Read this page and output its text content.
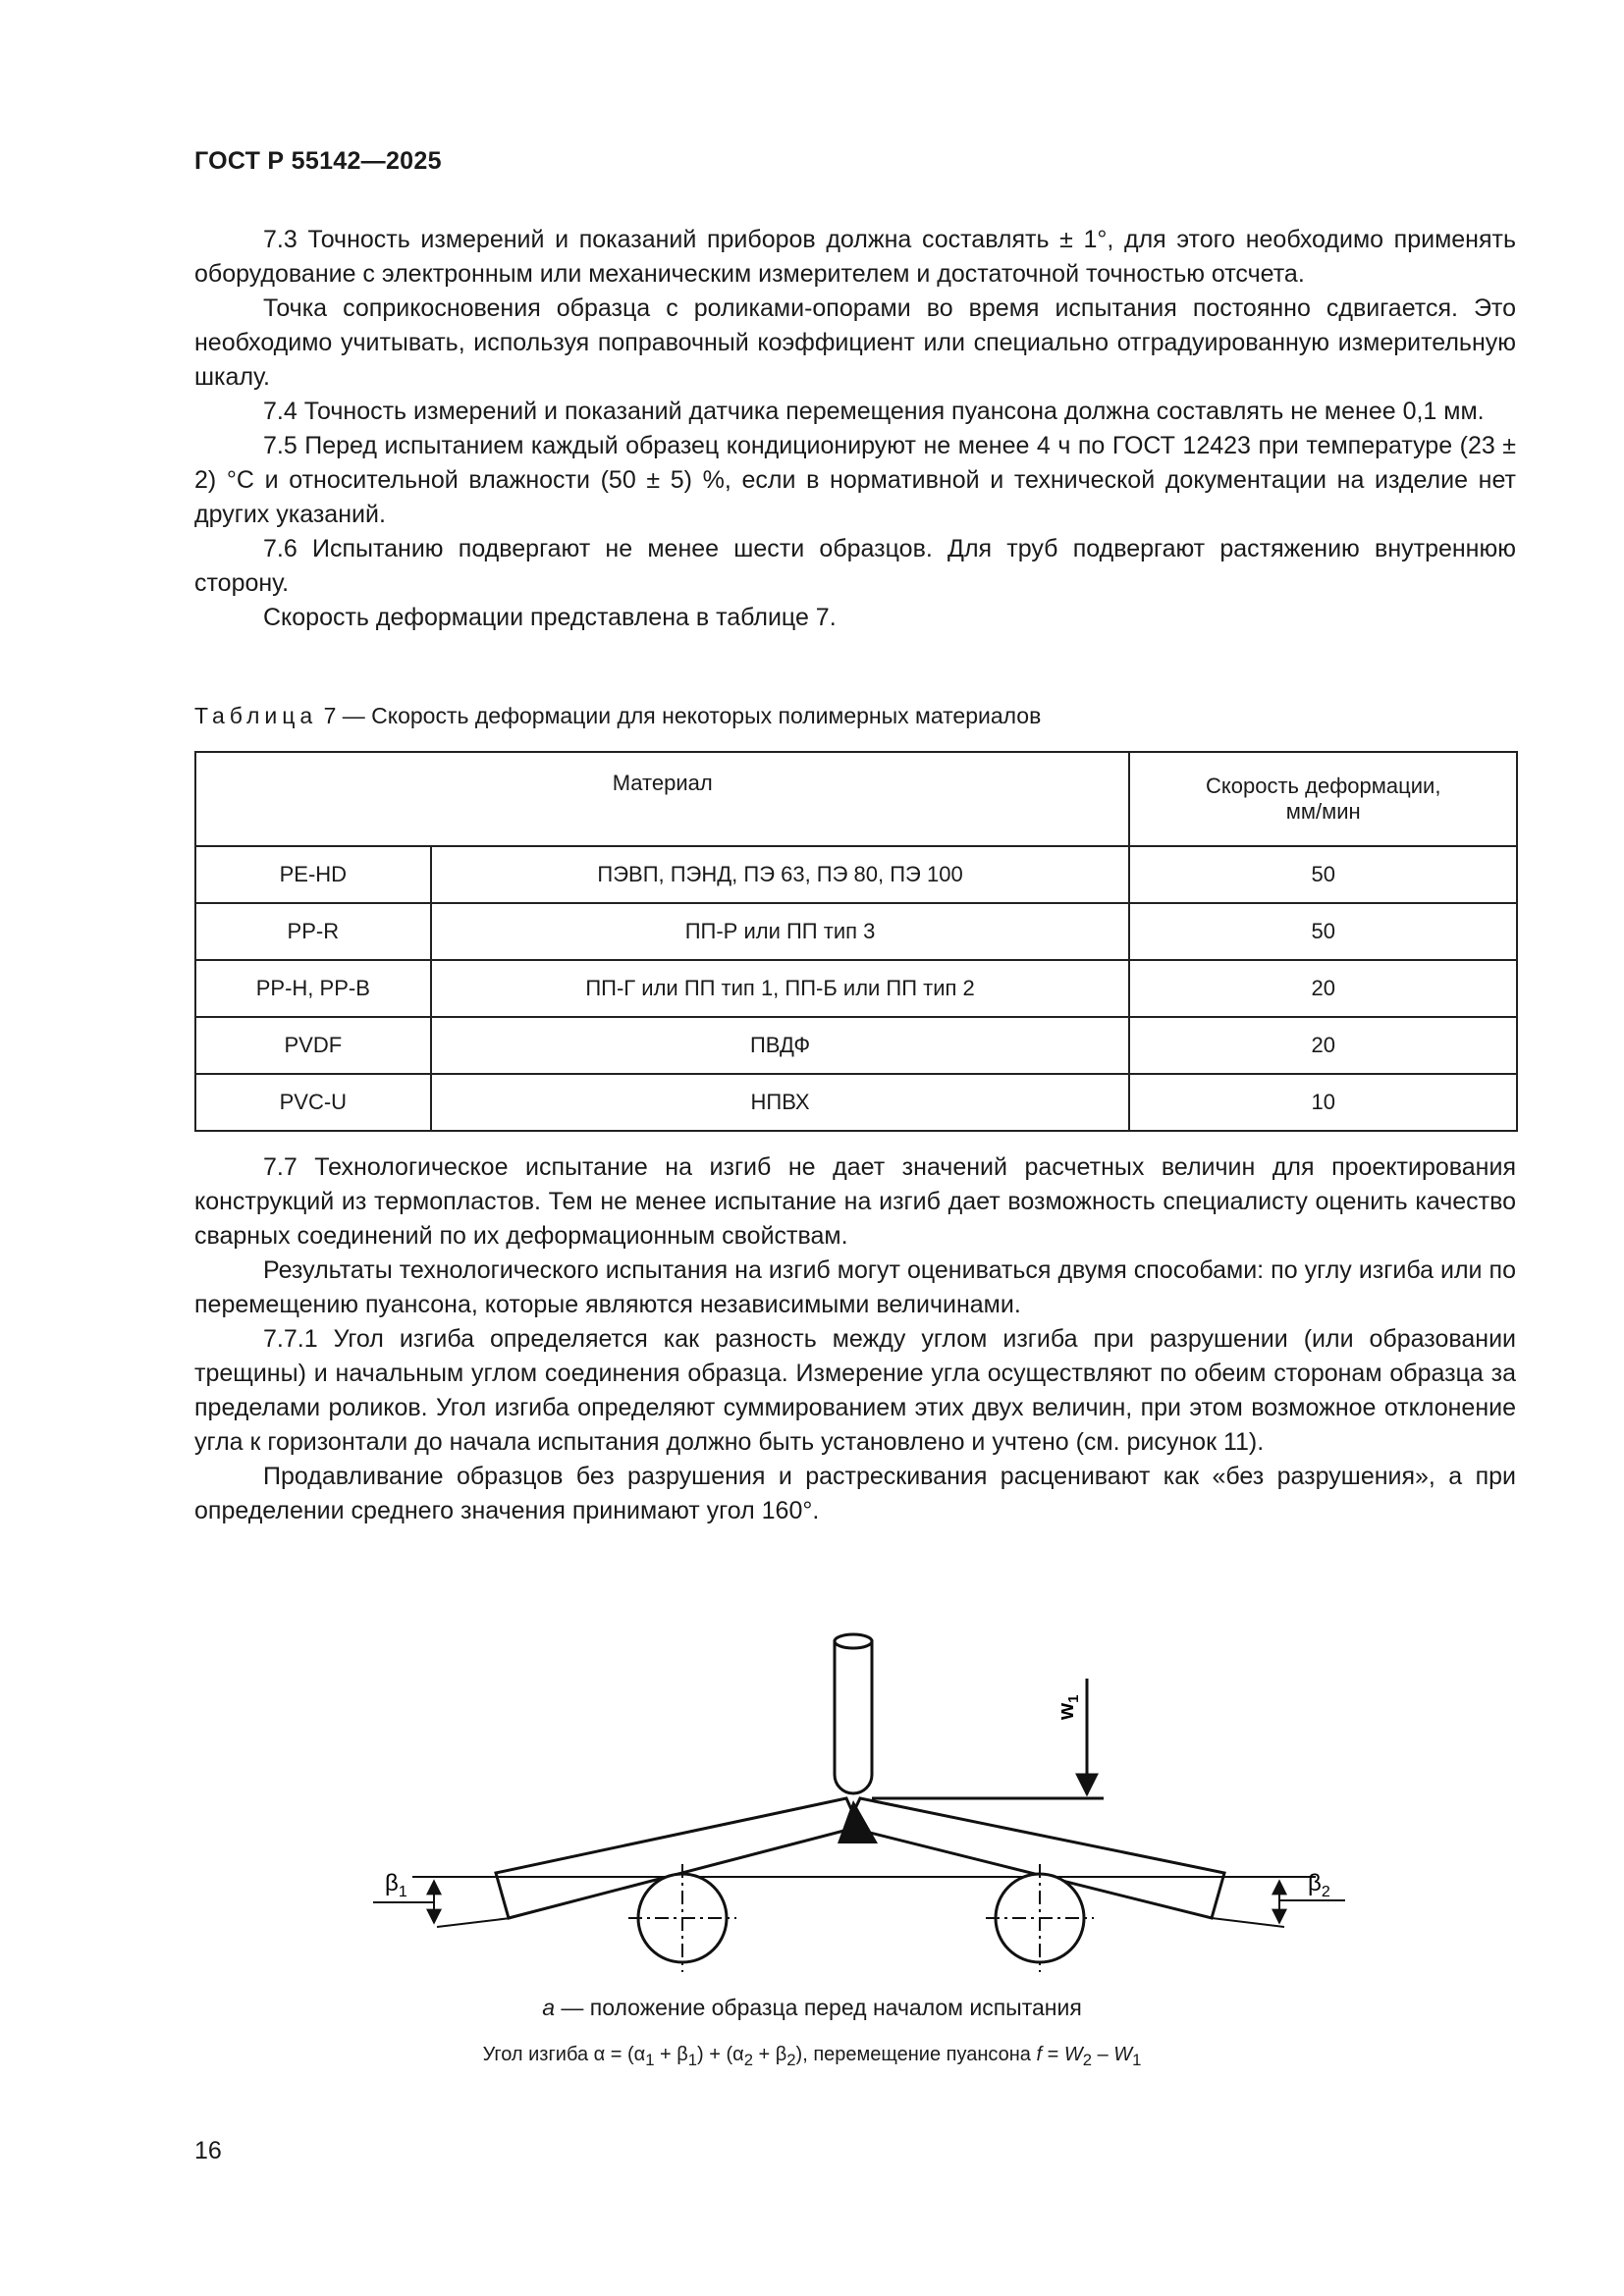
ГОСТ Р 55142—2025

7.3 Точность измерений и показаний приборов должна составлять ± 1°, для этого необходимо применять оборудование с электронным или механическим измерителем и достаточной точностью отсчета.

Точка соприкосновения образца с роликами-опорами во время испытания постоянно сдвигается. Это необходимо учитывать, используя поправочный коэффициент или специально отградуированную измерительную шкалу.

7.4 Точность измерений и показаний датчика перемещения пуансона должна составлять не менее 0,1 мм.

7.5 Перед испытанием каждый образец кондиционируют не менее 4 ч по ГОСТ 12423 при температуре (23 ± 2) °С и относительной влажности (50 ± 5) %, если в нормативной и технической документации на изделие нет других указаний.

7.6 Испытанию подвергают не менее шести образцов. Для труб подвергают растяжению внутреннюю сторону.

Скорость деформации представлена в таблице 7.

Таблица 7 — Скорость деформации для некоторых полимерных материалов
Материал		Скорость деформации,
мм/мин

PE-HD	ПЭВП, ПЭНД, ПЭ 63, ПЭ 80, ПЭ 100	50
PP-R	ПП-Р или ПП тип 3	50
PP-H, PP-B	ПП-Г или ПП тип 1, ПП-Б или ПП тип 2	20
PVDF	ПВДФ	20
PVC-U	НПВХ	10

7.7 Технологическое испытание на изгиб не дает значений расчетных величин для проектирования конструкций из термопластов. Тем не менее испытание на изгиб дает возможность специалисту оценить качество сварных соединений по их деформационным свойствам.

Результаты технологического испытания на изгиб могут оцениваться двумя способами: по углу изгиба или по перемещению пуансона, которые являются независимыми величинами.

7.7.1 Угол изгиба определяется как разность между углом изгиба при разрушении (или образовании трещины) и начальным углом соединения образца. Измерение угла осуществляют по обеим сторонам образца за пределами роликов. Угол изгиба определяют суммированием этих двух величин, при этом возможное отклонение угла к горизонтали до начала испытания должно быть установлено и учтено (см. рисунок 11).

Продавливание образцов без разрушения и растрескивания расценивают как «без разрушения», а при определении среднего значения принимают угол 160°.

$w_1$
$\beta_1$	$\beta_2$
а — положение образца перед началом испытания
Угол изгиба $\alpha = (\alpha_1 + \beta_1) + (\alpha_2 + \beta_2)$, перемещение пуансона $f = W_2 - W_1$
16
